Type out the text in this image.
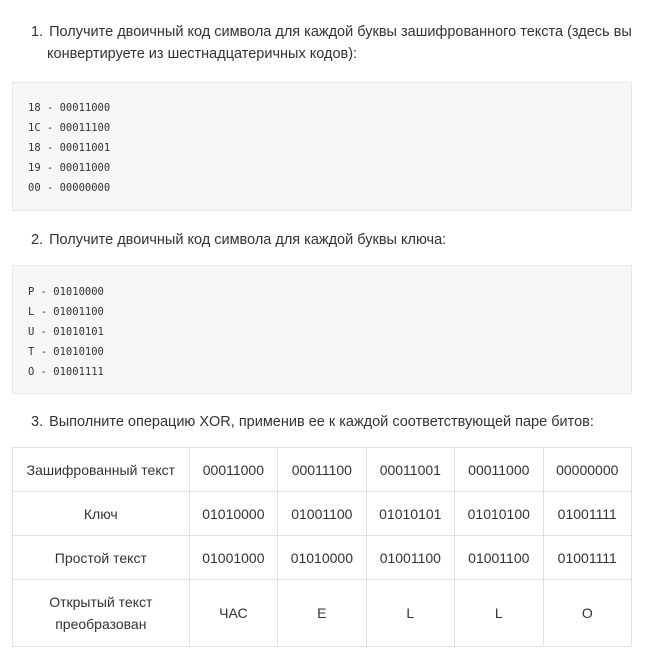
1. Получите двоичный код символа для каждой буквы зашифрованного текста (здесь вы
конвертируете из шестнадцатеричных кодов):
18 - 00011000
1C - 00011100
18 - 00011001
19 - 00011000
00 - 00000000
2. Получите двоичный код символа для каждой буквы ключа:
P - 01010000
L - 01001100
U - 01010101
T - 01010100
O - 01001111
3. Выполните операцию XOR, применив ее к каждой соответствующей паре битов:
Зашифрованный текст	00011000	00011100	00011001	00011000	00000000
Ключ	01010000	01001100	01010101	01010100	01001111
Простой текст	01001000	01010000	01001100	01001100	01001111
Открытый текст преобразован	ЧАС	E	L	L	O
